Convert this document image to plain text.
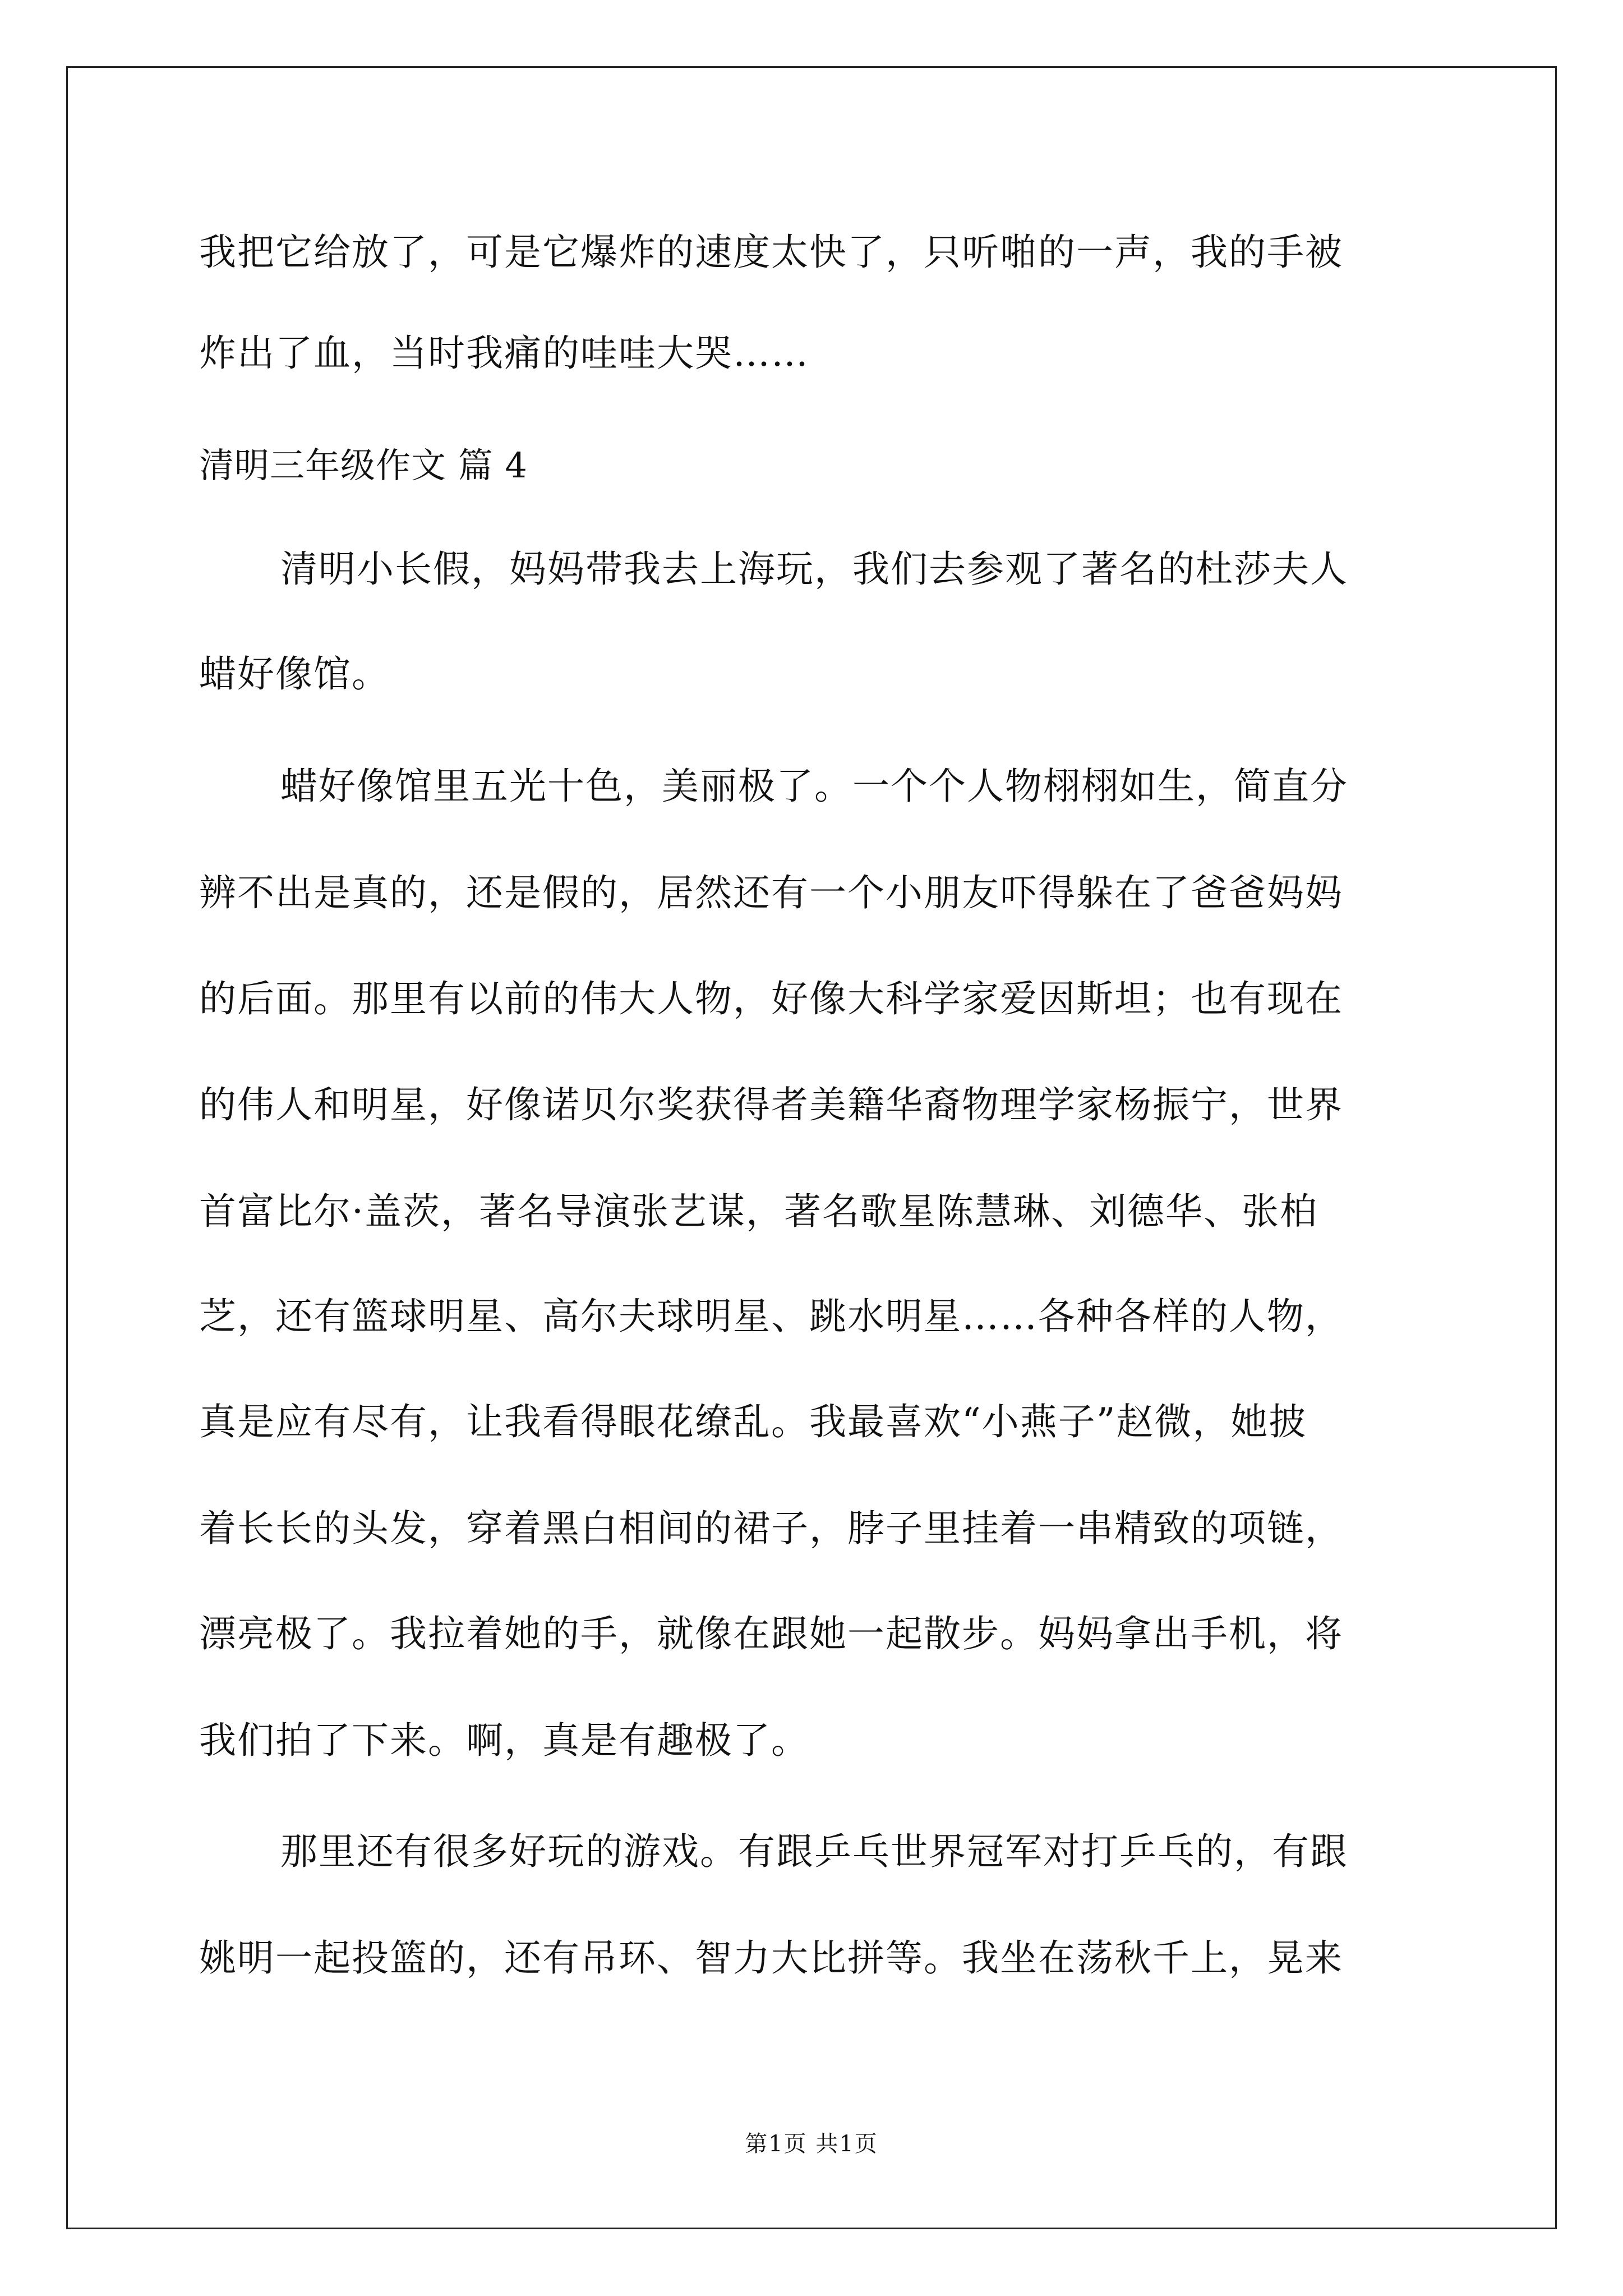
我把它给放了，可是它爆炸的速度太快了，只听啪的一声，我的手被
炸出了血，当时我痛的哇哇大哭……
清明三年级作文 篇 4
清明小长假，妈妈带我去上海玩，我们去参观了著名的杜莎夫人
蜡好像馆。
蜡好像馆里五光十色，美丽极了。一个个人物栩栩如生，简直分
辨不出是真的，还是假的，居然还有一个小朋友吓得躲在了爸爸妈妈
的后面。那里有以前的伟大人物，好像大科学家爱因斯坦；也有现在
的伟人和明星，好像诺贝尔奖获得者美籍华裔物理学家杨振宁，世界
首富比尔·盖茨，著名导演张艺谋，著名歌星陈慧琳、刘德华、张柏
芝，还有篮球明星、高尔夫球明星、跳水明星……各种各样的人物，
真是应有尽有，让我看得眼花缭乱。我最喜欢“小燕子”赵微，她披
着长长的头发，穿着黑白相间的裙子，脖子里挂着一串精致的项链，
漂亮极了。我拉着她的手，就像在跟她一起散步。妈妈拿出手机，将
我们拍了下来。啊，真是有趣极了。
那里还有很多好玩的游戏。有跟乒乓世界冠军对打乒乓的，有跟
姚明一起投篮的，还有吊环、智力大比拼等。我坐在荡秋千上，晃来
第1页 共1页
